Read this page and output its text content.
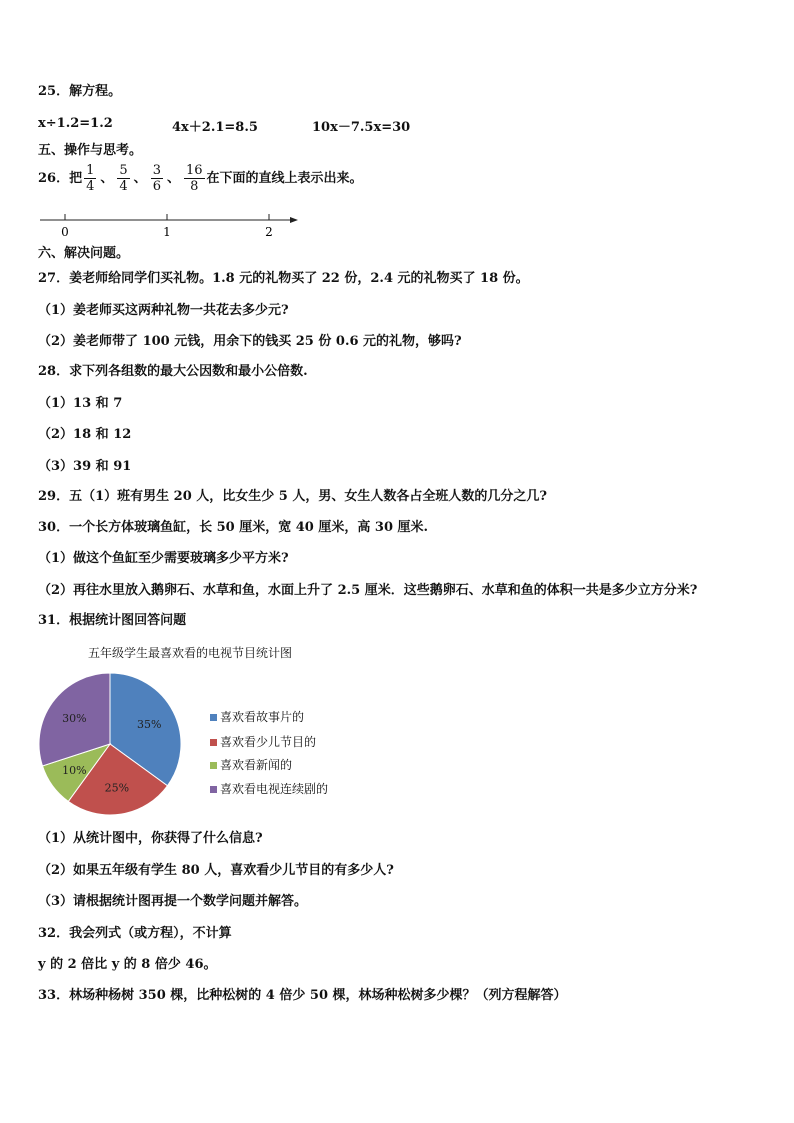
25．解方程。
x÷1.2=1.2	4x＋2.1=8.5	10x－7.5x=30
五、操作与思考。
26．把 $\frac{1}{4}$ 、 $\frac{5}{4}$ 、 $\frac{3}{6}$ 、 $\frac{16}{8}$ 在下面的直线上表示出来。
0	1	2
六、解决问题。
27．姜老师给同学们买礼物。1.8 元的礼物买了 22 份，2.4 元的礼物买了 18 份。
（1）姜老师买这两种礼物一共花去多少元?
（2）姜老师带了 100 元钱，用余下的钱买 25 份 0.6 元的礼物，够吗?
28．求下列各组数的最大公因数和最小公倍数.
（1）13 和 7
（2）18 和 12
（3）39 和 91
29．五（1）班有男生 20 人，比女生少 5 人，男、女生人数各占全班人数的几分之几?
30．一个长方体玻璃鱼缸，长 50 厘米，宽 40 厘米，高 30 厘米.
（1）做这个鱼缸至少需要玻璃多少平方米?
（2）再往水里放入鹅卵石、水草和鱼，水面上升了 2.5 厘米．这些鹅卵石、水草和鱼的体积一共是多少立方分米?
31．根据统计图回答问题
五年级学生最喜欢看的电视节目统计图
35%
25%
10%
30%	喜欢看故事片的
喜欢看少儿节目的
喜欢看新闻的
喜欢看电视连续剧的
（1）从统计图中，你获得了什么信息?
（2）如果五年级有学生 80 人，喜欢看少儿节目的有多少人?
（3）请根据统计图再提一个数学问题并解答。
32．我会列式（或方程），不计算
y 的 2 倍比 y 的 8 倍少 46。
33．林场种杨树 350 棵，比种松树的 4 倍少 50 棵，林场种松树多少棵？（列方程解答）
